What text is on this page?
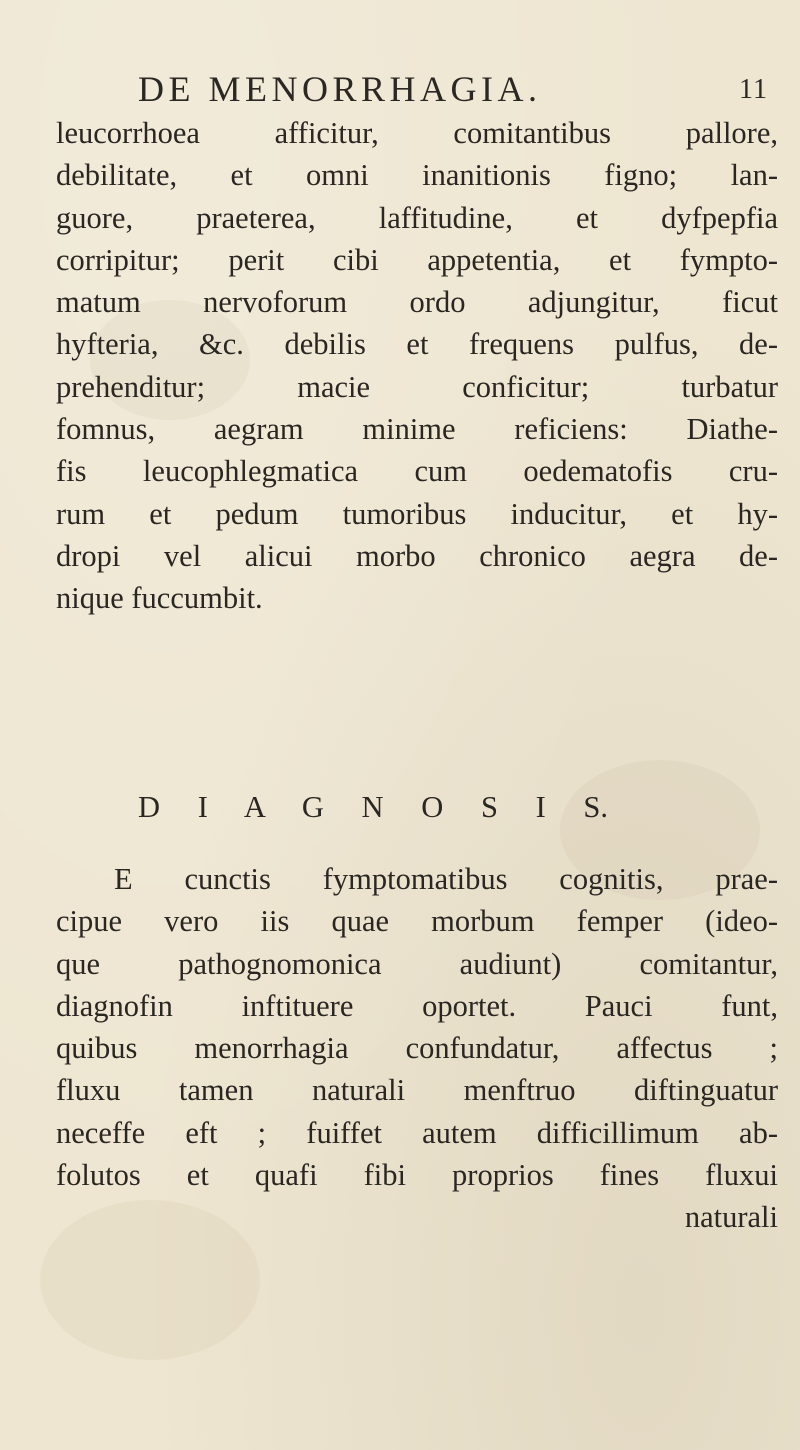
DE MENORRHAGIA.	11
leucorrhoea afficitur, comitantibus pallore,
debilitate, et omni inanitionis figno; lan-
guore, praeterea, laffitudine, et dyfpepfia
corripitur; perit cibi appetentia, et fympto-
matum nervoforum ordo adjungitur, ficut
hyfteria, &c. debilis et frequens pulfus, de-
prehenditur; macie conficitur; turbatur
fomnus, aegram minime reficiens: Diathe-
fis leucophlegmatica cum oedematofis cru-
rum et pedum tumoribus inducitur, et hy-
dropi vel alicui morbo chronico aegra de-
nique fuccumbit.
D I A G N O S I S.
E cunctis fymptomatibus cognitis, prae-
cipue vero iis quae morbum femper (ideo-
que pathognomonica audiunt) comitantur,
diagnofin inftituere oportet. Pauci funt,
quibus menorrhagia confundatur, affectus ;
fluxu tamen naturali menftruo diftinguatur
neceffe eft ; fuiffet autem difficillimum ab-
folutos et quafi fibi proprios fines fluxui
naturali
